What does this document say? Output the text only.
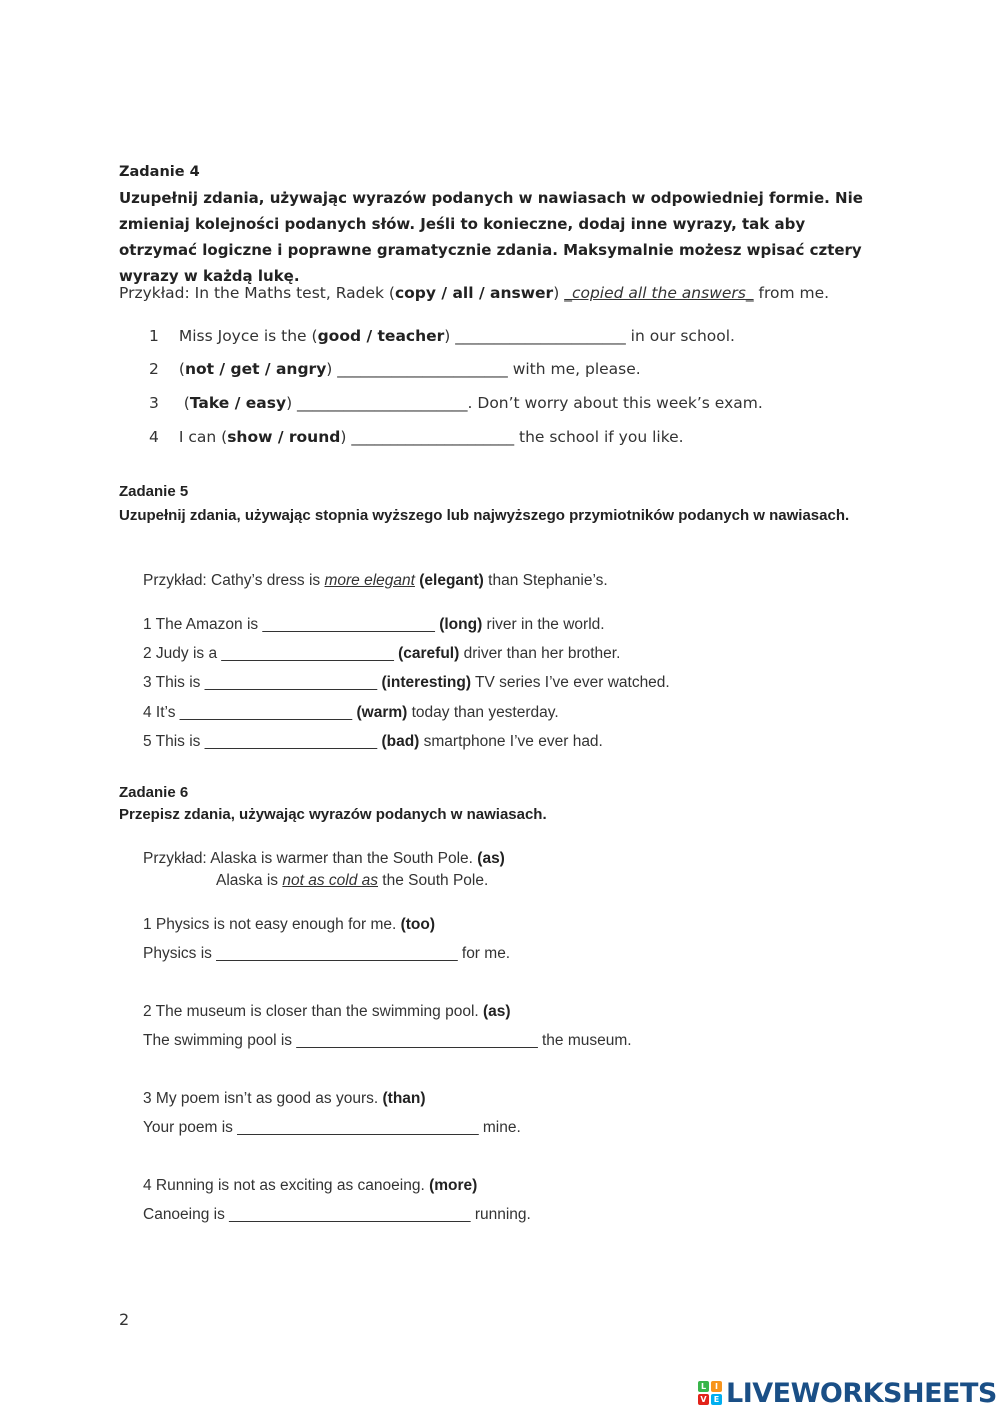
Zadanie 4
Uzupełnij zdania, używając wyrazów podanych w nawiasach w odpowiedniej formie. Nie zmieniaj kolejności podanych słów. Jeśli to konieczne, dodaj inne wyrazy, tak aby otrzymać logiczne i poprawne gramatycznie zdania. Maksymalnie możesz wpisać cztery wyrazy w każdą lukę.
Przykład: In the Maths test, Radek (copy / all / answer) _copied all the answers_ from me.
1 Miss Joyce is the (good / teacher) ______________________ in our school.
2 (not / get / angry) ______________________ with me, please.
3 (Take / easy) ______________________. Don’t worry about this week’s exam.
4 I can (show / round) _____________________ the school if you like.
Zadanie 5
Uzupełnij zdania, używając stopnia wyższego lub najwyższego przymiotników podanych w nawiasach.
Przykład: Cathy’s dress is more elegant (elegant) than Stephanie’s.
1 The Amazon is ____________________ (long) river in the world.
2 Judy is a ____________________ (careful) driver than her brother.
3 This is ____________________ (interesting) TV series I’ve ever watched.
4 It’s ____________________ (warm) today than yesterday.
5 This is ____________________ (bad) smartphone I’ve ever had.
Zadanie 6
Przepisz zdania, używając wyrazów podanych w nawiasach.
Przykład: Alaska is warmer than the South Pole. (as)
Alaska is not as cold as the South Pole.
1 Physics is not easy enough for me. (too)
Physics is ____________________________ for me.
2 The museum is closer than the swimming pool. (as)
The swimming pool is ____________________________ the museum.
3 My poem isn’t as good as yours. (than)
Your poem is ____________________________ mine.
4 Running is not as exciting as canoeing. (more)
Canoeing is ____________________________ running.
2
L	I
V E LIVEWORKSHEETS
